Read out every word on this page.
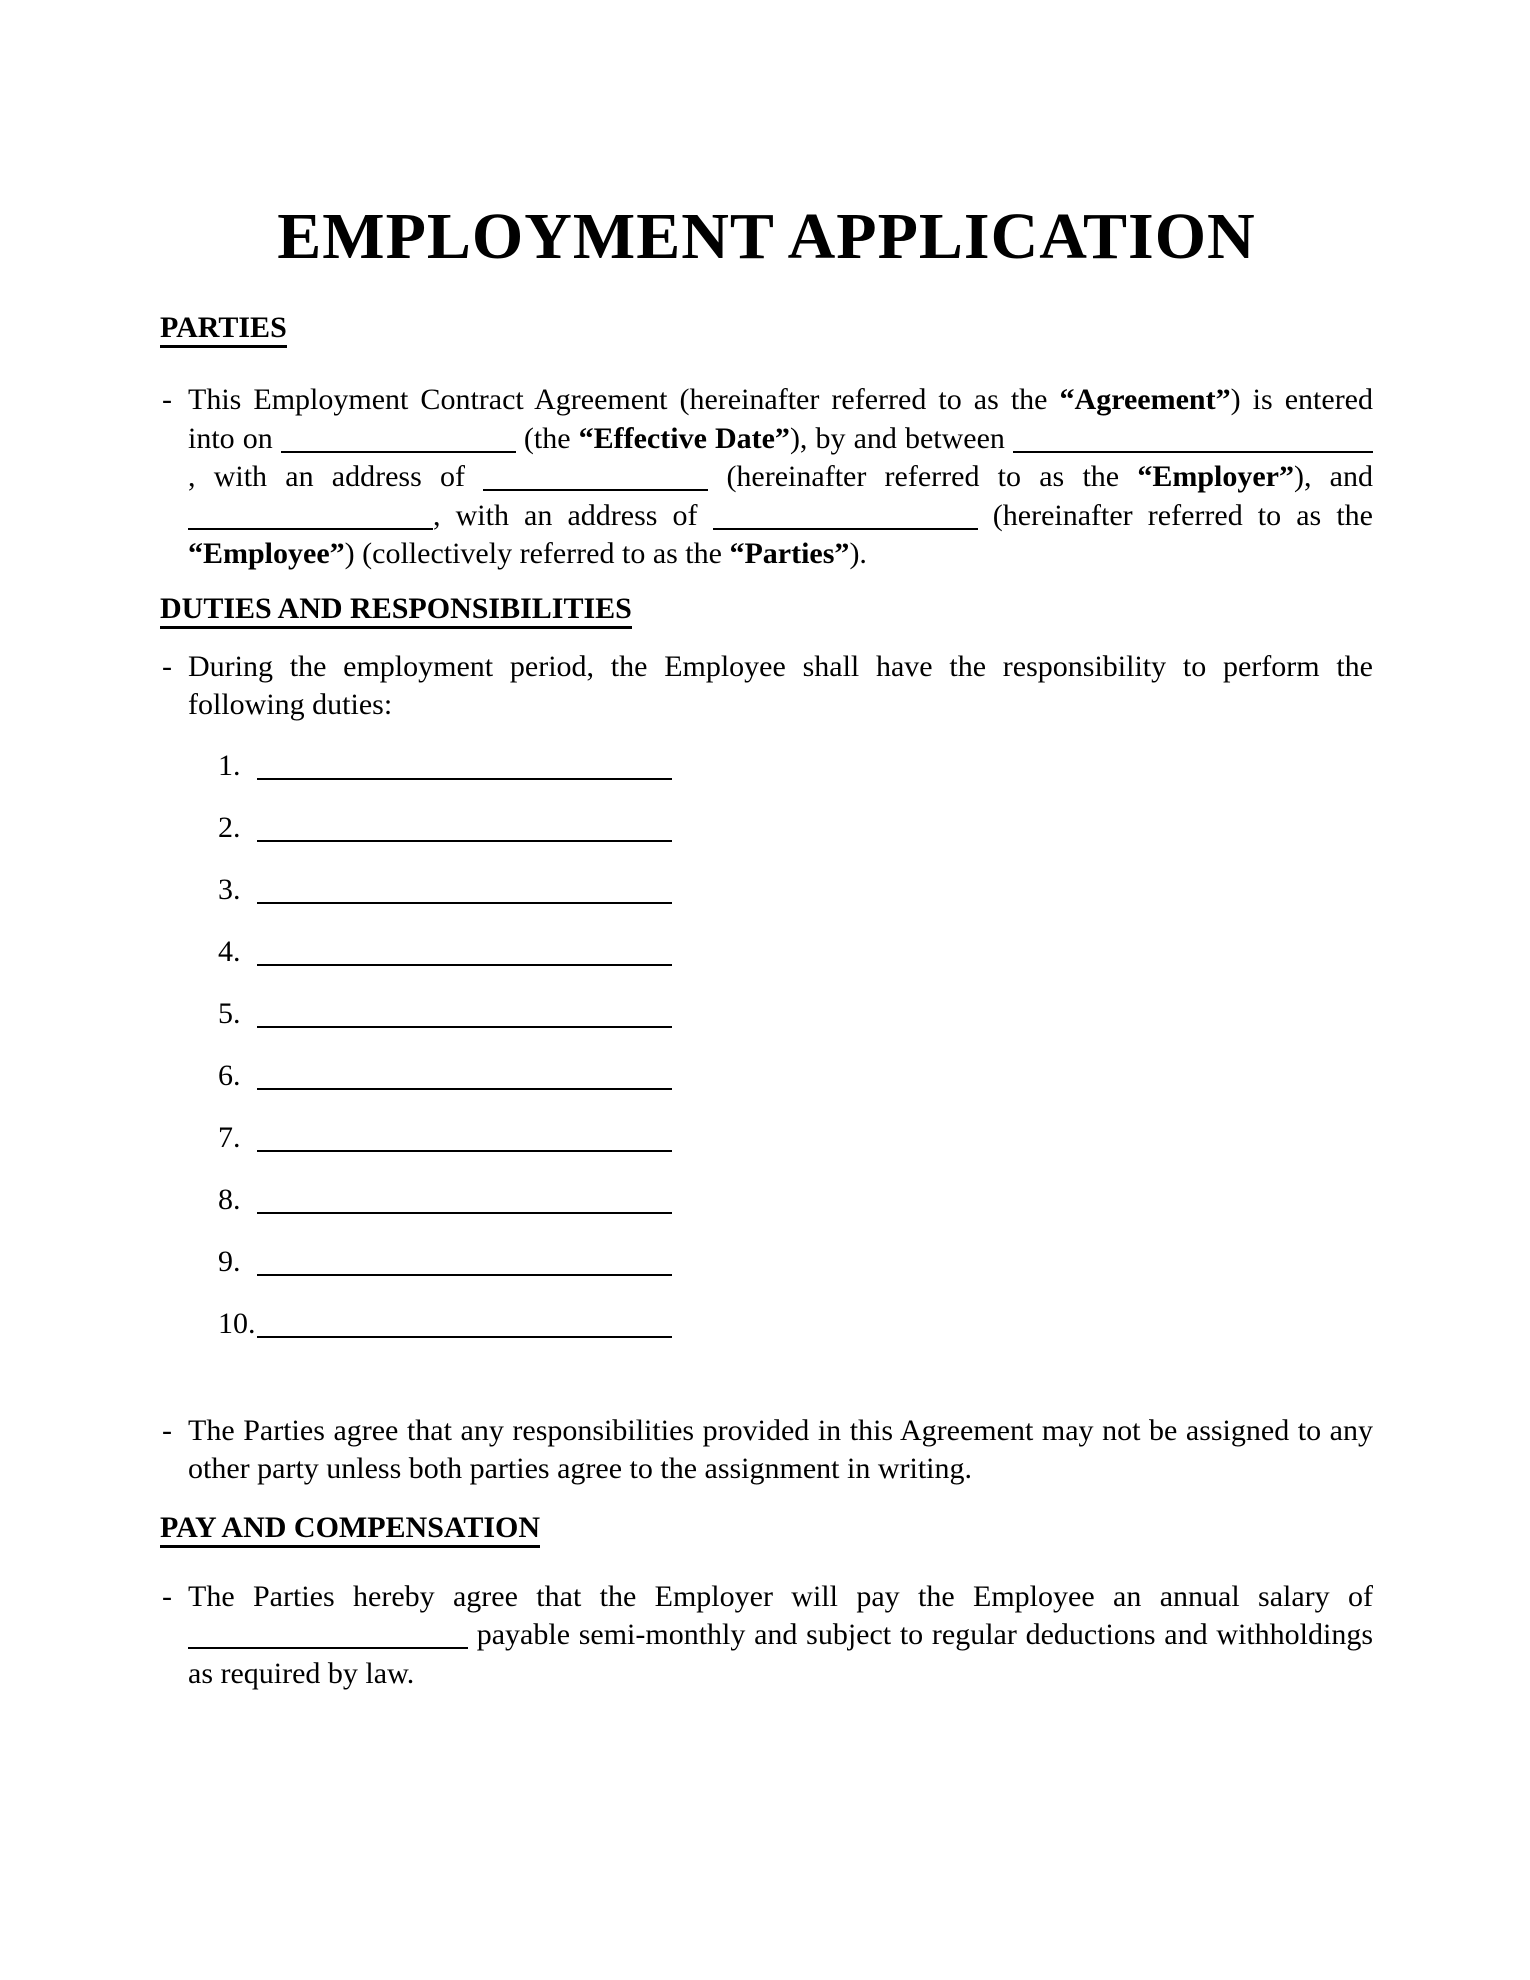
EMPLOYMENT APPLICATION
PARTIES
- This Employment Contract Agreement (hereinafter referred to as the “Agreement”) is entered into on	(the “Effective Date”), by and between , with an address of	(hereinafter referred to as the “Employer”), and , with an address of	(hereinafter referred to as the “Employee”) (collectively referred to as the “Parties”).
DUTIES AND RESPONSIBILITIES
- During the employment period, the Employee shall have the responsibility to perform the following duties:
1.
2.
3.
4.
5.
6.
7.
8.
9.
10.
- The Parties agree that any responsibilities provided in this Agreement may not be assigned to any other party unless both parties agree to the assignment in writing.
PAY AND COMPENSATION
- The Parties hereby agree that the Employer will pay the Employee an annual salary of  payable semi-monthly and subject to regular deductions and withholdings as required by law.
